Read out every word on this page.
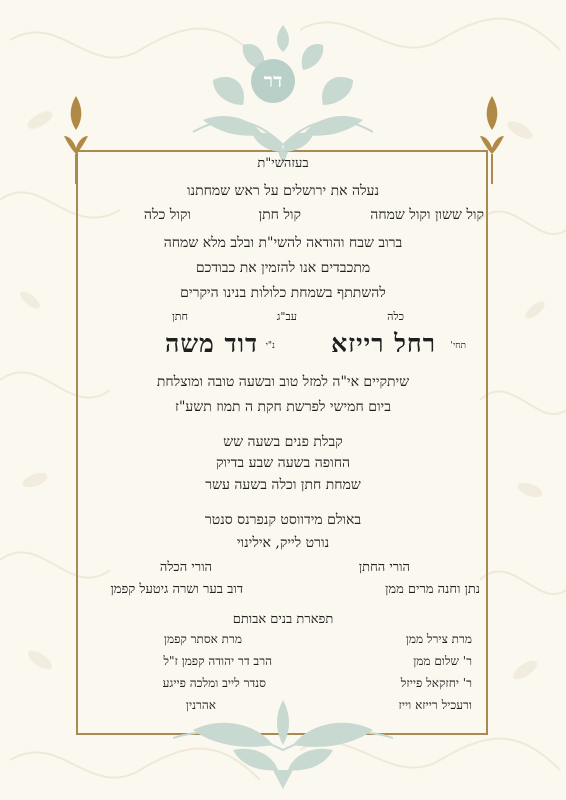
דר
בעזהשי"ת
נעלה את ירושלים על ראש שמחתנו
קול ששון וקול שמחה
קול חתן
וקול כלה
ברוב שבח והודאה להשי"ת ובלב מלא שמחה
מתכבדים אנו להזמין את כבודכם
להשתתף בשמחת כלולות בנינו היקרים
חתן	עב"ג	כלה
דוד משה נ"י רחל רייזא תחי'
שיתקיים אי"ה למזל טוב ובשעה טובה ומוצלחת
ביום חמישי לפרשת חקת ה תמוז תשע"ז
קבלת פנים בשעה שש
החופה בשעה שבע בדיוק
שמחת חתן וכלה בשעה עשר
באולם מידווסט קנפרנס סנטר
נורט לייק, אילינוי
הורי החתן
הורי הכלה
נתן וחנה מרים ממן
דוב בער ושרה גיטעל קפמן
תפארת בנים אבותם
מרת צירל ממן
ר' שלום ממן
ר' יחזקאל פייזל
ורעכיל רייזא וייז
מרת אסתר קפמן
הרב דר יהודה קפמן ז"ל
סנדר לייב ומלכה פייגע
אהרנין
